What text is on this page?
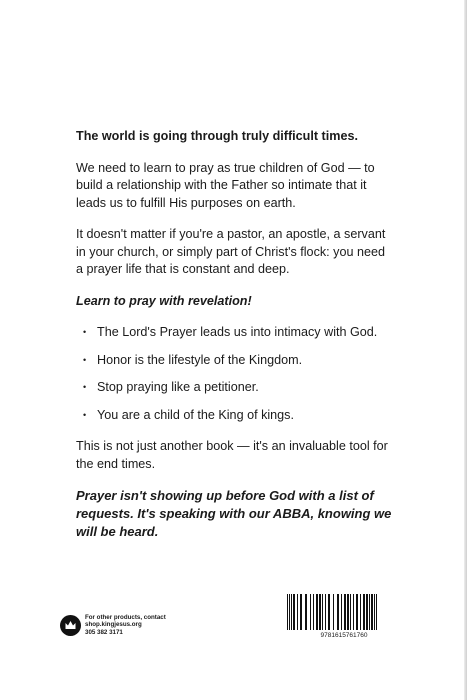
The world is going through truly difficult times.

We need to learn to pray as true children of God — to build a relationship with the Father so intimate that it leads us to fulfill His purposes on earth.

It doesn't matter if you're a pastor, an apostle, a servant in your church, or simply part of Christ's flock: you need a prayer life that is constant and deep.

Learn to pray with revelation!

• The Lord's Prayer leads us into intimacy with God.
• Honor is the lifestyle of the Kingdom.
• Stop praying like a petitioner.
• You are a child of the King of kings.

This is not just another book — it's an invaluable tool for the end times.

Prayer isn't showing up before God with a list of requests. It's speaking with our ABBA, knowing we will be heard.

For other products, contact
shop.kingjesus.org
305 382 3171	9781615761760
